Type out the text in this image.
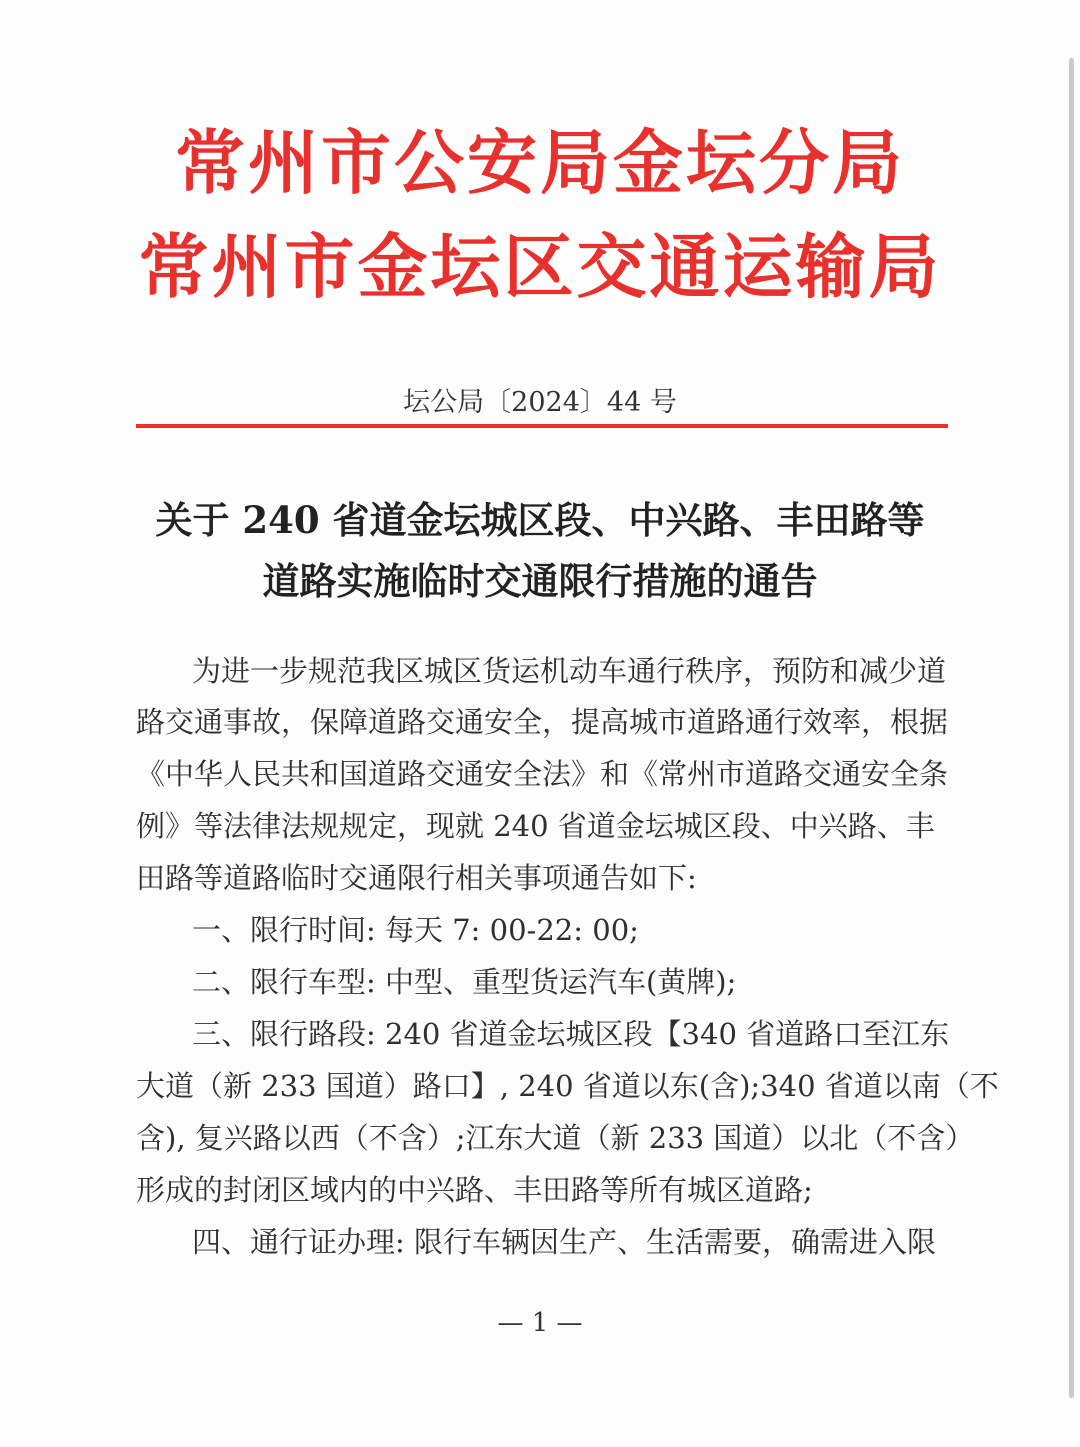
常州市公安局金坛分局
常州市金坛区交通运输局
坛公局〔2024〕44 号
关于 240 省道金坛城区段、中兴路、丰田路等
道路实施临时交通限行措施的通告
为进一步规范我区城区货运机动车通行秩序，预防和减少道
路交通事故，保障道路交通安全，提高城市道路通行效率，根据
《中华人民共和国道路交通安全法》和《常州市道路交通安全条
例》等法律法规规定，现就 240 省道金坛城区段、中兴路、丰
田路等道路临时交通限行相关事项通告如下:
一、限行时间: 每天 7: 00-22: 00;
二、限行车型: 中型、重型货运汽车(黄牌);
三、限行路段: 240 省道金坛城区段【340 省道路口至江东
大道（新 233 国道）路口】, 240 省道以东(含);340 省道以南（不
含), 复兴路以西（不含）;江东大道（新 233 国道）以北（不含）
形成的封闭区域内的中兴路、丰田路等所有城区道路;
四、通行证办理: 限行车辆因生产、生活需要，确需进入限
— 1 —
